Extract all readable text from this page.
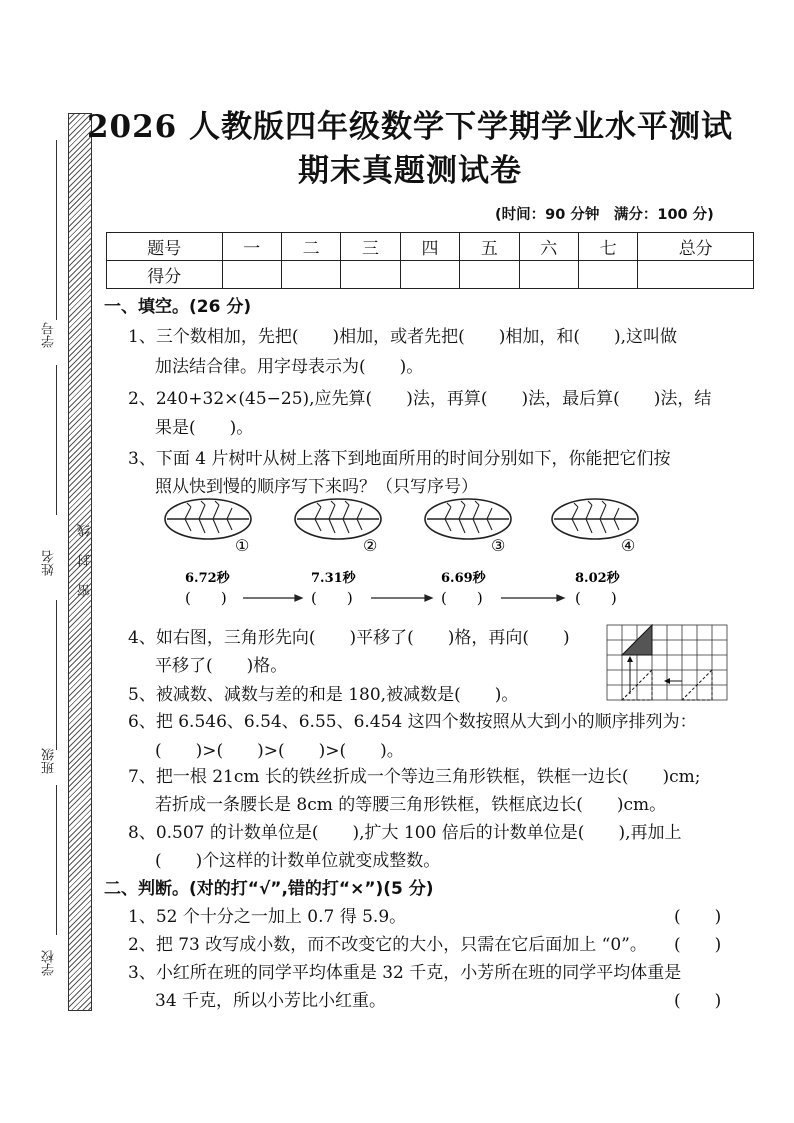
学号
姓名
线
封
密
班级
学校
2026 人教版四年级数学下学期学业水平测试
期末真题测试卷
(时间：90 分钟　满分：100 分)
题号	一	二	三	四	五	六	七	总分
得分								
一、填空。(26 分)
1、三个数相加，先把(　　)相加，或者先把(　　)相加，和(　　),这叫做
加法结合律。用字母表示为(　　)。
2、240+32×(45−25),应先算(　　)法，再算(　　)法，最后算(　　)法，结
果是(　　)。
3、下面 4 片树叶从树上落下到地面所用的时间分别如下，你能把它们按
照从快到慢的顺序写下来吗？（只写序号）
①	②	③	④
6.72秒	7.31秒	6.69秒	8.02秒
(　　)	(　　)	(　　)	(　　)
4、如右图，三角形先向(　　)平移了(　　)格，再向(　　)
平移了(　　)格。
5、被减数、减数与差的和是 180,被减数是(　　)。
6、把 6.546、6.54、6.55、6.454 这四个数按照从大到小的顺序排列为：
(　　)>(　　)>(　　)>(　　)。
7、把一根 21cm 长的铁丝折成一个等边三角形铁框，铁框一边长(　　)cm;
若折成一条腰长是 8cm 的等腰三角形铁框，铁框底边长(　　)cm。
8、0.507 的计数单位是(　　),扩大 100 倍后的计数单位是(　　),再加上
(　　)个这样的计数单位就变成整数。
二、判断。(对的打“√”,错的打“×”)(5 分)
1、52 个十分之一加上 0.7 得 5.9。	(　　)
2、把 73 改写成小数，而不改变它的大小，只需在它后面加上 “0”。 (　　)
3、小红所在班的同学平均体重是 32 千克，小芳所在班的同学平均体重是
34 千克，所以小芳比小红重。	(　　)
